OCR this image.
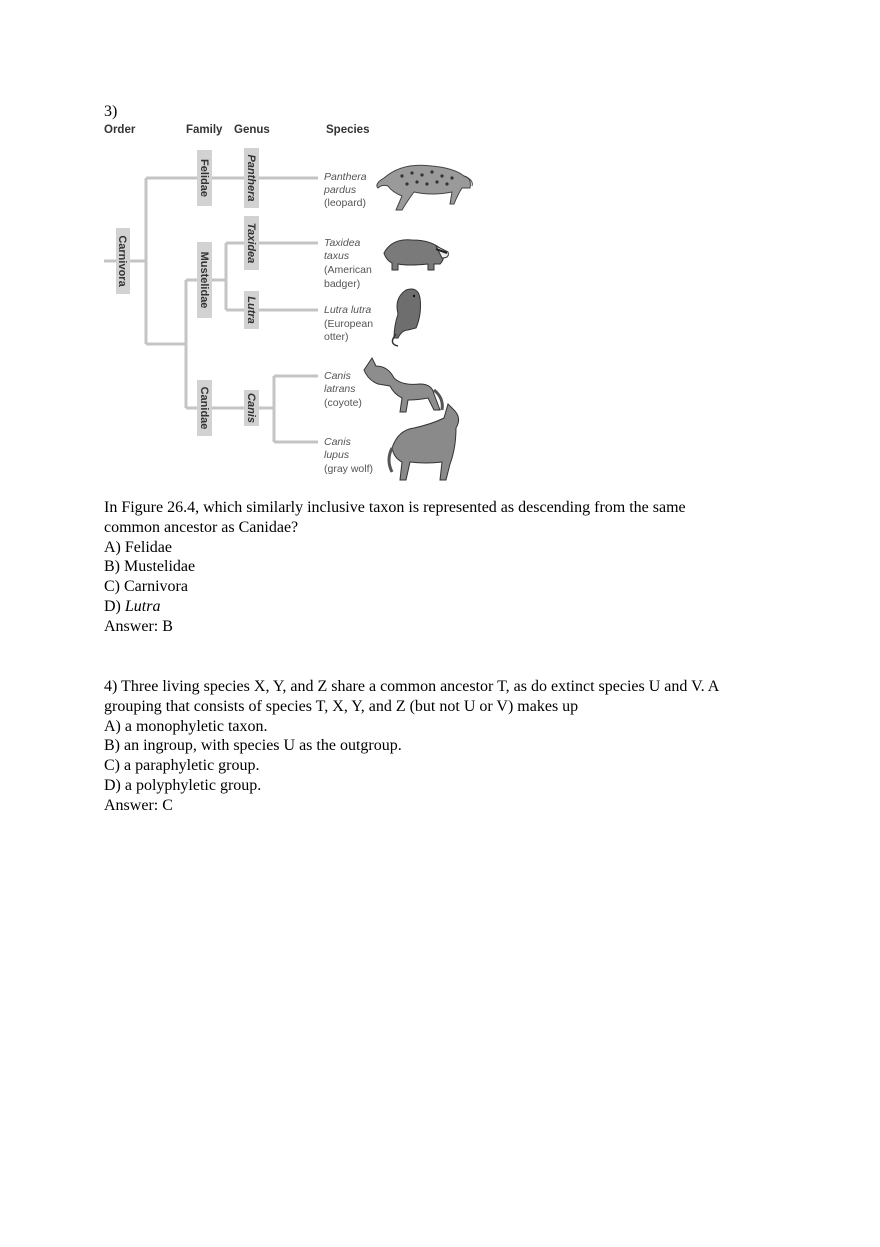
3)
Order	Family Genus	Species
Carnivora
Felidae
Mustelidae
Canidae
Panthera
Taxidea
Lutra
Canis
Panthera
pardus
(leopard)
Taxidea
taxus
(American
badger)
Lutra lutra
(European
otter)
Canis
latrans
(coyote)
Canis
lupus
(gray wolf)

In Figure 26.4, which similarly inclusive taxon is represented as descending from the same

common ancestor as Canidae?

A) Felidae

B) Mustelidae

C) Carnivora

D) Lutra

Answer: B

4) Three living species X, Y, and Z share a common ancestor T, as do extinct species U and V. A

grouping that consists of species T, X, Y, and Z (but not U or V) makes up

A) a monophyletic taxon.

B) an ingroup, with species U as the outgroup.

C) a paraphyletic group.

D) a polyphyletic group.

Answer: C
